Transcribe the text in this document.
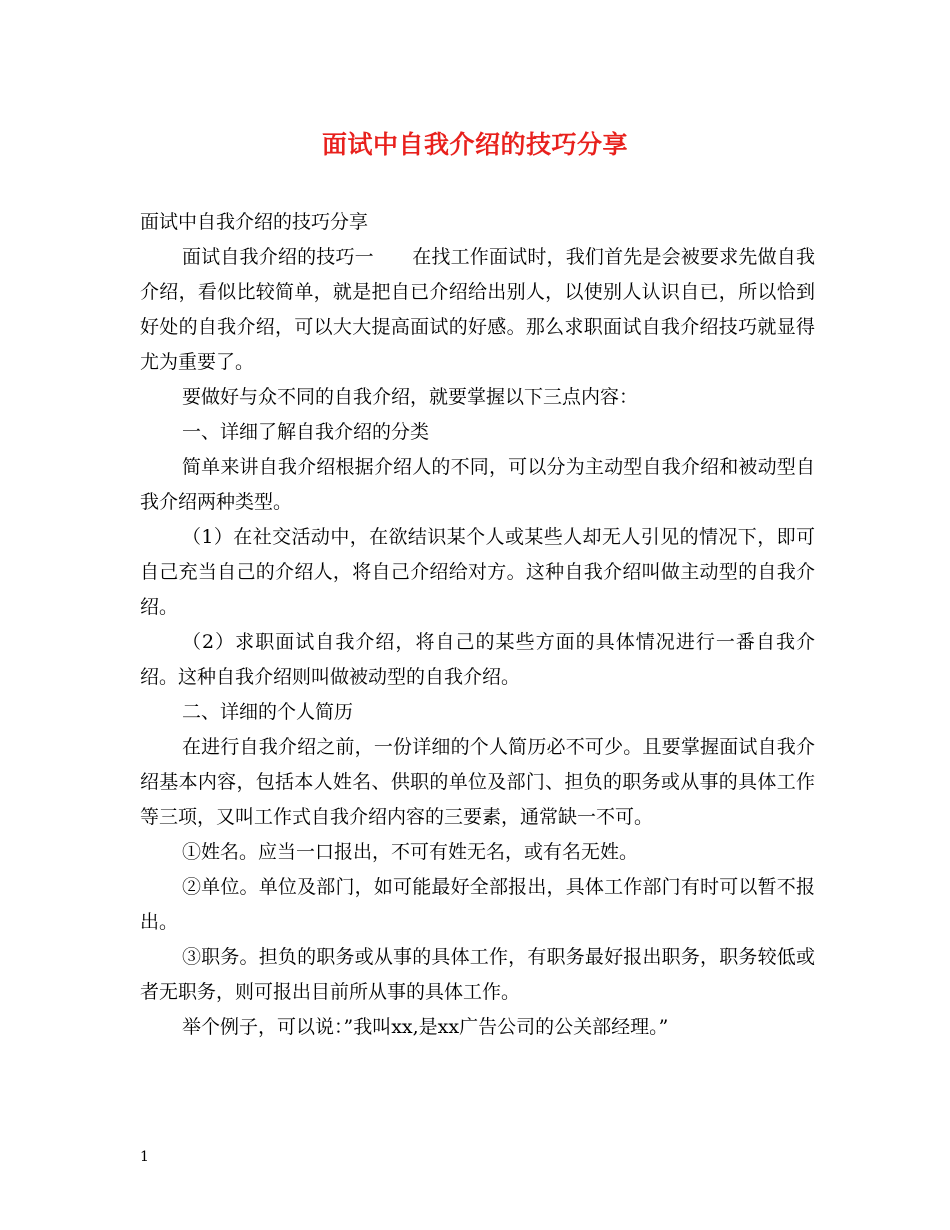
面试中自我介绍的技巧分享

面试中自我介绍的技巧分享

面试自我介绍的技巧一　　在找工作面试时，我们首先是会被要求先做自我介绍，看似比较简单，就是把自已介绍给出别人，以使别人认识自已，所以恰到好处的自我介绍，可以大大提高面试的好感。那么求职面试自我介绍技巧就显得尤为重要了。

要做好与众不同的自我介绍，就要掌握以下三点内容：

一、详细了解自我介绍的分类

简单来讲自我介绍根据介绍人的不同，可以分为主动型自我介绍和被动型自我介绍两种类型。

（1）在社交活动中，在欲结识某个人或某些人却无人引见的情况下，即可自己充当自己的介绍人，将自己介绍给对方。这种自我介绍叫做主动型的自我介绍。

（2）求职面试自我介绍，将自己的某些方面的具体情况进行一番自我介绍。这种自我介绍则叫做被动型的自我介绍。

二、详细的个人简历

在进行自我介绍之前，一份详细的个人简历必不可少。且要掌握面试自我介绍基本内容，包括本人姓名、供职的单位及部门、担负的职务或从事的具体工作等三项，又叫工作式自我介绍内容的三要素，通常缺一不可。

①姓名。应当一口报出，不可有姓无名，或有名无姓。

②单位。单位及部门，如可能最好全部报出，具体工作部门有时可以暂不报出。

③职务。担负的职务或从事的具体工作，有职务最好报出职务，职务较低或者无职务，则可报出目前所从事的具体工作。

举个例子，可以说：”我叫xx,是xx广告公司的公关部经理。”

1
